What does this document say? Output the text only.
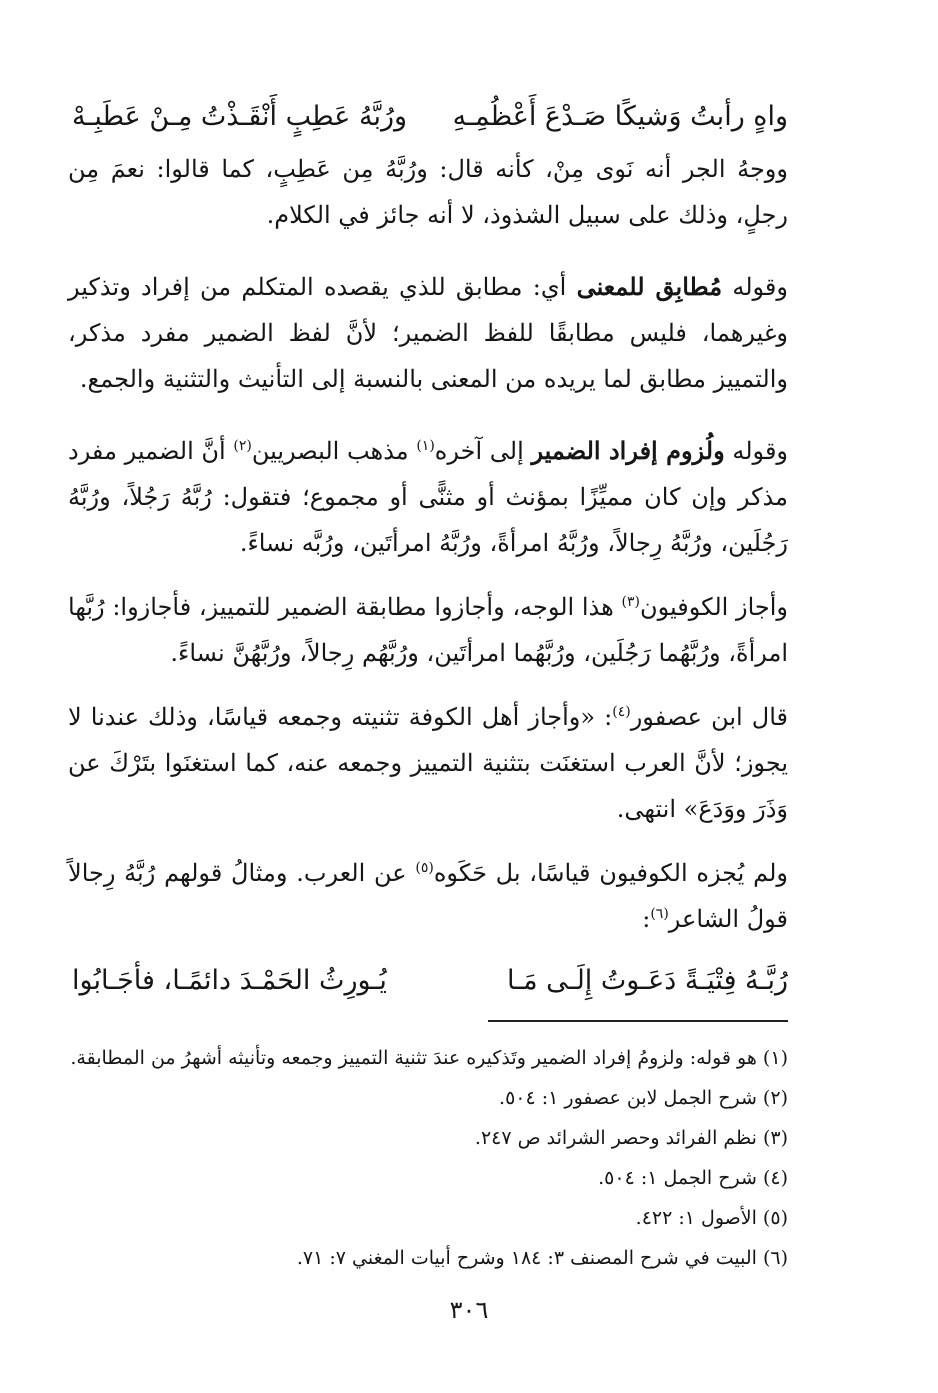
واهٍ رأبتُ وَشيكًا صَـدْعَ أَعْظُمِـهِ
ورُبَّهُ عَطِبٍ أَنْقَـذْتُ مِـنْ عَطَبِـهْ

ووجهُ الجر أنه نَوى مِنْ، كأنه قال: ورُبَّهُ مِن عَطِبٍ، كما قالوا: نعمَ مِن رجلٍ، وذلك على سبيل الشذوذ، لا أنه جائز في الكلام.

وقوله مُطابِق للمعنى أي: مطابق للذي يقصده المتكلم من إفراد وتذكير وغيرهما، فليس مطابقًا للفظ الضمير؛ لأنَّ لفظ الضمير مفرد مذكر، والتمييز مطابق لما يريده من المعنى بالنسبة إلى التأنيث والتثنية والجمع.

وقوله ولُزوم إفراد الضمير إلى آخره$^{(١)}$ مذهب البصريين$^{(٢)}$ أنَّ الضمير مفرد مذكر وإن كان مميِّزًا بمؤنث أو مثنًّى أو مجموع؛ فتقول: رُبَّهُ رَجُلاً، ورُبَّهُ رَجُلَين، ورُبَّهُ رِجالاً، ورُبَّهُ امرأةً، ورُبَّهُ امرأتَين، ورُبَّه نساءً.

وأجاز الكوفيون$^{(٣)}$ هذا الوجه، وأجازوا مطابقة الضمير للتمييز، فأجازوا: رُبَّها امرأةً، ورُبَّهُما رَجُلَين، ورُبَّهُما امرأتَين، ورُبَّهُم رِجالاً، ورُبَّهُنَّ نساءً.

قال ابن عصفور$^{(٤)}$: «وأجاز أهل الكوفة تثنيته وجمعه قياسًا، وذلك عندنا لا يجوز؛ لأنَّ العرب استغنَت بتثنية التمييز وجمعه عنه، كما استغنَوا بتَرْكَ عن وَذَرَ ووَدَعَ» انتهى.

ولم يُجزه الكوفيون قياسًا، بل حَكَوه$^{(٥)}$ عن العرب. ومثالُ قولهم رُبَّهُ رِجالاً قولُ الشاعر$^{(٦)}$:

رُبَّـهُ فِتْيَـةً دَعَـوتُ إِلَـى مَـا
يُـورِثُ الحَمْـدَ دائمًـا، فأجَـابُوا
(١) هو قوله: ولزومُ إفراد الضمير وتَذكيره عندَ تثنية التمييز وجمعه وتأنيثه أشهرُ من المطابقة.
(٢) شرح الجمل لابن عصفور ١: ٥٠٤.
(٣) نظم الفرائد وحصر الشرائد ص ٢٤٧.
(٤) شرح الجمل ١: ٥٠٤.
(٥) الأصول ١: ٤٢٢.
(٦) البيت في شرح المصنف ٣: ١٨٤ وشرح أبيات المغني ٧: ٧١.
٣٠٦
